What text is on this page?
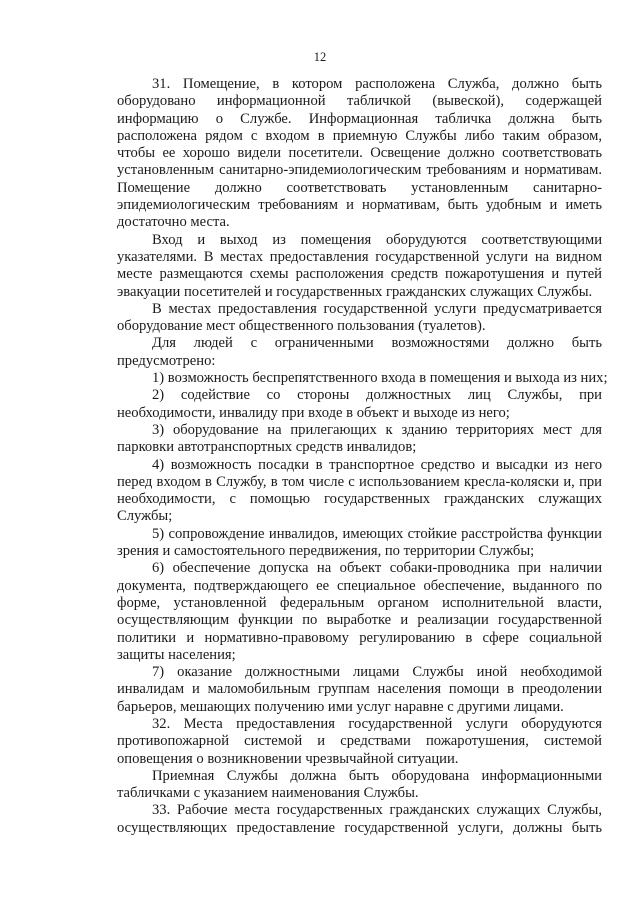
12
31. Помещение, в котором расположена Служба, должно быть
оборудовано информационной табличкой (вывеской), содержащей
информацию о Службе. Информационная табличка должна быть
расположена рядом с входом в приемную Службы либо таким образом,
чтобы ее хорошо видели посетители. Освещение должно соответствовать
установленным санитарно-эпидемиологическим требованиям и нормативам.
Помещение должно соответствовать установленным санитарно-
эпидемиологическим требованиям и нормативам, быть удобным и иметь
достаточно места.
Вход и выход из помещения оборудуются соответствующими
указателями. В местах предоставления государственной услуги на видном
месте размещаются схемы расположения средств пожаротушения и путей
эвакуации посетителей и государственных гражданских служащих Службы.
В местах предоставления государственной услуги предусматривается
оборудование мест общественного пользования (туалетов).
Для людей с ограниченными возможностями должно быть
предусмотрено:
1) возможность беспрепятственного входа в помещения и выхода из них;
2) содействие со стороны должностных лиц Службы, при
необходимости, инвалиду при входе в объект и выходе из него;
3) оборудование на прилегающих к зданию территориях мест для
парковки автотранспортных средств инвалидов;
4) возможность посадки в транспортное средство и высадки из него
перед входом в Службу, в том числе с использованием кресла-коляски и, при
необходимости, с помощью государственных гражданских служащих
Службы;
5) сопровождение инвалидов, имеющих стойкие расстройства функции
зрения и самостоятельного передвижения, по территории Службы;
6) обеспечение допуска на объект собаки-проводника при наличии
документа, подтверждающего ее специальное обеспечение, выданного по
форме, установленной федеральным органом исполнительной власти,
осуществляющим функции по выработке и реализации государственной
политики и нормативно-правовому регулированию в сфере социальной
защиты населения;
7) оказание должностными лицами Службы иной необходимой
инвалидам и маломобильным группам населения помощи в преодолении
барьеров, мешающих получению ими услуг наравне с другими лицами.
32. Места предоставления государственной услуги оборудуются
противопожарной системой и средствами пожаротушения, системой
оповещения о возникновении чрезвычайной ситуации.
Приемная Службы должна быть оборудована информационными
табличками с указанием наименования Службы.
33. Рабочие места государственных гражданских служащих Службы,
осуществляющих предоставление государственной услуги, должны быть
